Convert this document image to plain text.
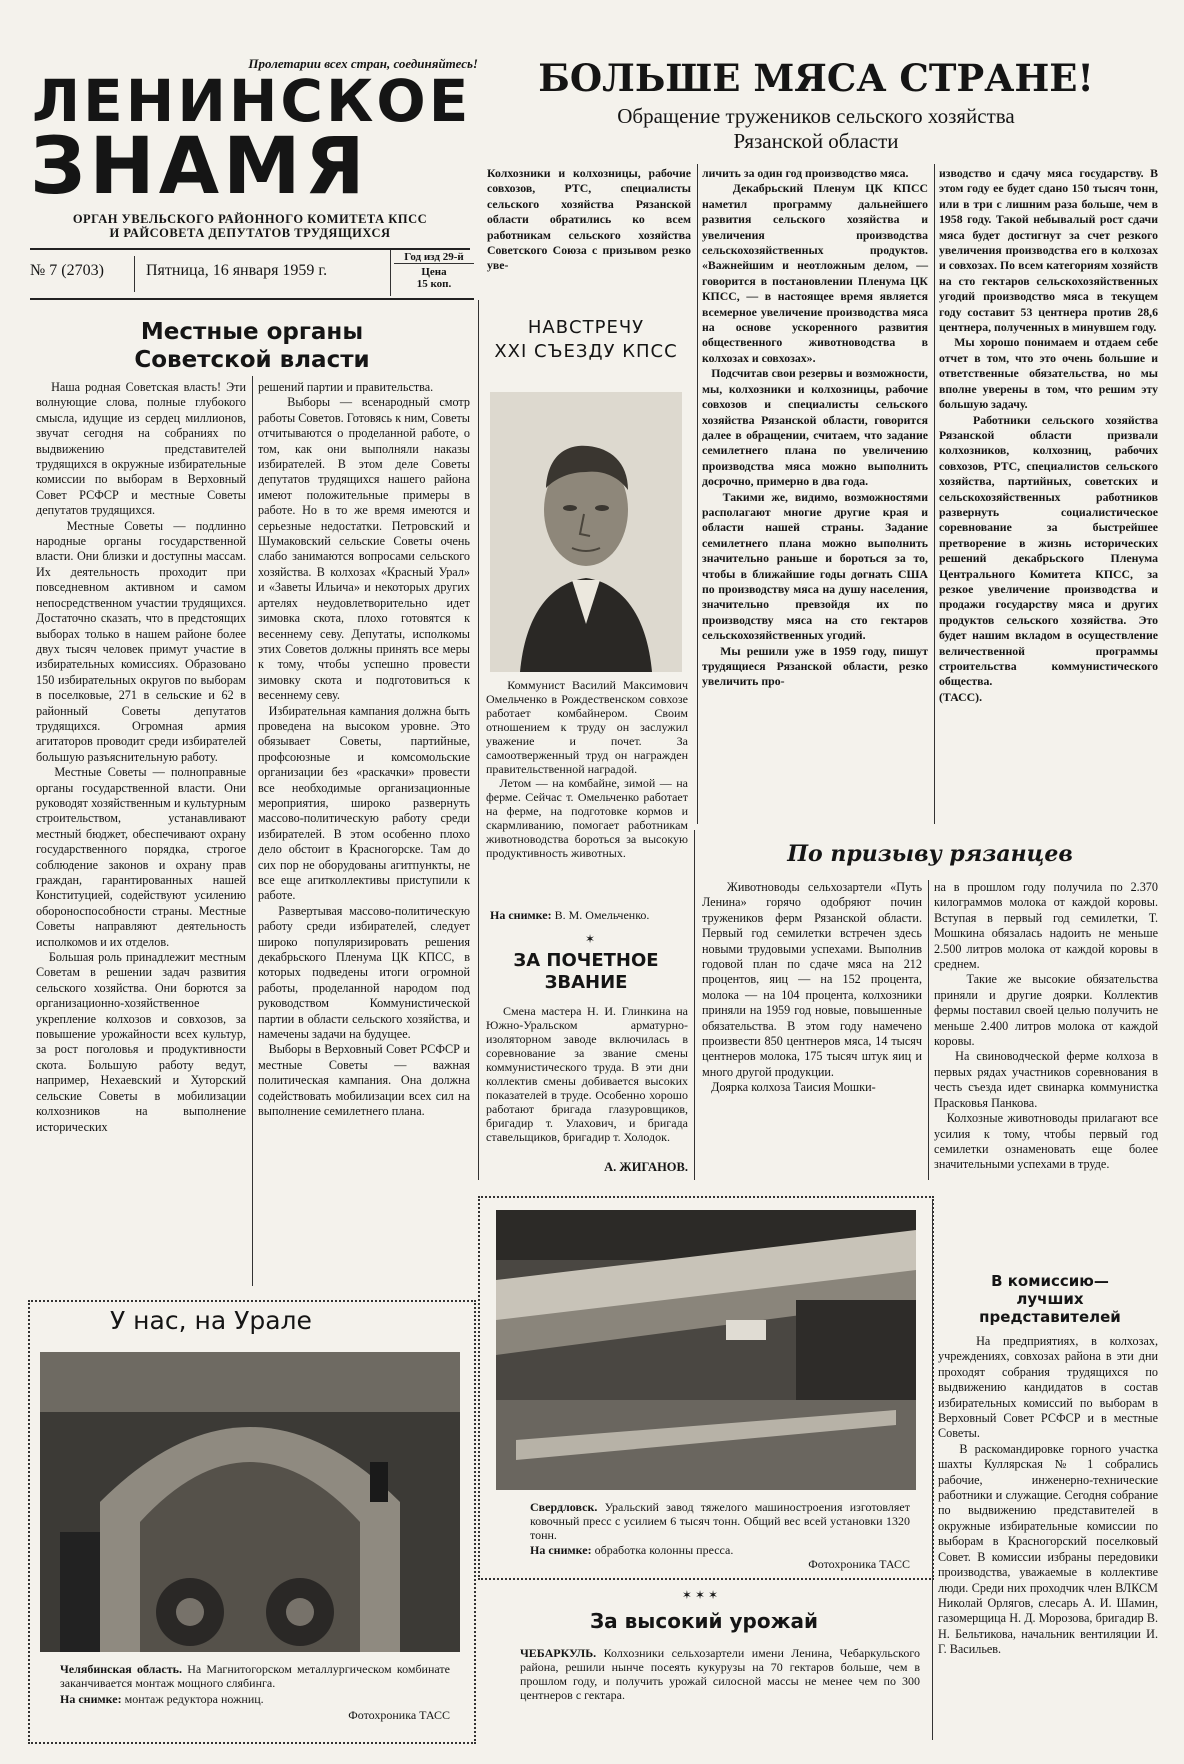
Пролетарии всех стран, соединяйтесь!
ЛЕНИНСКОЕ
ЗНАМЯ
ОРГАН УВЕЛЬСКОГО РАЙОННОГО КОМИТЕТА КПСС
И РАЙСОВЕТА ДЕПУТАТОВ ТРУДЯЩИХСЯ
№ 7 (2703)	Пятница, 16 января 1959 г.
Год изд 29-й
Цена
15 коп.
БОЛЬШЕ МЯСА СТРАНЕ!
Обращение тружеников сельского хозяйства
Рязанской области
Колхозники и колхозницы, рабочие совхозов, РТС, специалисты сельского хозяйства Рязанской области обратились ко всем работникам сельского хозяйства Советского Союза с призывом резко уве-
личить за один год производство мяса.
Декабрьский Пленум ЦК КПСС наметил программу дальнейшего развития сельского хозяйства и увеличения производства сельскохозяйственных продуктов. «Важнейшим и неотложным делом, — говорится в постановлении Пленума ЦК КПСС, — в настоящее время является всемерное увеличение производства мяса на основе ускоренного развития общественного животноводства в колхозах и совхозах».
Подсчитав свои резервы и возможности, мы, колхозники и колхозницы, рабочие совхозов и специалисты сельского хозяйства Рязанской области, говорится далее в обращении, считаем, что задание семилетнего плана по увеличению производства мяса можно выполнить досрочно, примерно в два года.
Такими же, видимо, возможностями располагают многие другие края и области нашей страны. Задание семилетнего плана можно выполнить значительно раньше и бороться за то, чтобы в ближайшие годы догнать США по производству мяса на душу населения, значительно превзойдя их по производству мяса на сто гектаров сельскохозяйственных угодий.
Мы решили уже в 1959 году, пишут трудящиеся Рязанской области, резко увеличить про-
изводство и сдачу мяса государству. В этом году ее будет сдано 150 тысяч тонн, или в три с лишним раза больше, чем в 1958 году. Такой небывалый рост сдачи мяса будет достигнут за счет резкого увеличения производства его в колхозах и совхозах. По всем категориям хозяйств на сто гектаров сельскохозяйственных угодий производство мяса в текущем году составит 53 центнера против 28,6 центнера, полученных в минувшем году.
Мы хорошо понимаем и отдаем себе отчет в том, что это очень большие и ответственные обязательства, но мы вполне уверены в том, что решим эту большую задачу.
Работники сельского хозяйства Рязанской области призвали колхозников, колхозниц, рабочих совхозов, РТС, специалистов сельского хозяйства, партийных, советских и сельскохозяйственных работников развернуть социалистическое соревнование за быстрейшее претворение в жизнь исторических решений декабрьского Пленума Центрального Комитета КПСС, за резкое увеличение производства и продажи государству мяса и других продуктов сельского хозяйства. Это будет нашим вкладом в осуществление величественной программы строительства коммунистического общества.
(ТАСС).
Местные органы
Советской власти
Наша родная Советская власть! Эти волнующие слова, полные глубокого смысла, идущие из сердец миллионов, звучат сегодня на собраниях по выдвижению представителей трудящихся в окружные избирательные комиссии по выборам в Верховный Совет РСФСР и местные Советы депутатов трудящихся.
Местные Советы — подлинно народные органы государственной власти. Они близки и доступны массам. Их деятельность проходит при повседневном активном и самом непосредственном участии трудящихся. Достаточно сказать, что в предстоящих выборах только в нашем районе более двух тысяч человек примут участие в избирательных комиссиях. Образовано 150 избирательных округов по выборам в поселковые, 271 в сельские и 62 в районный Советы депутатов трудящихся. Огромная армия агитаторов проводит среди избирателей большую разъяснительную работу.
Местные Советы — полноправные органы государственной власти. Они руководят хозяйственным и культурным строительством, устанавливают местный бюджет, обеспечивают охрану государственного порядка, строгое соблюдение законов и охрану прав граждан, гарантированных нашей Конституцией, содействуют усилению обороноспособности страны. Местные Советы направляют деятельность исполкомов и их отделов.
Большая роль принадлежит местным Советам в решении задач развития сельского хозяйства. Они борются за организационно-хозяйственное укрепление колхозов и совхозов, за повышение урожайности всех культур, за рост поголовья и продуктивности скота. Большую работу ведут, например, Нехаевский и Хуторский сельские Советы в мобилизации колхозников на выполнение исторических
решений партии и правительства.
Выборы — всенародный смотр работы Советов. Готовясь к ним, Советы отчитываются о проделанной работе, о том, как они выполняли наказы избирателей. В этом деле Советы депутатов трудящихся нашего района имеют положительные примеры в работе. Но в то же время имеются и серьезные недостатки. Петровский и Шумаковский сельские Советы очень слабо занимаются вопросами сельского хозяйства. В колхозах «Красный Урал» и «Заветы Ильича» и некоторых других артелях неудовлетворительно идет зимовка скота, плохо готовятся к весеннему севу. Депутаты, исполкомы этих Советов должны принять все меры к тому, чтобы успешно провести зимовку скота и подготовиться к весеннему севу.
Избирательная кампания должна быть проведена на высоком уровне. Это обязывает Советы, партийные, профсоюзные и комсомольские организации без «раскачки» провести все необходимые организационные мероприятия, широко развернуть массово-политическую работу среди избирателей. В этом особенно плохо дело обстоит в Красногорске. Там до сих пор не оборудованы агитпункты, не все еще агитколлективы приступили к работе.
Развертывая массово-политическую работу среди избирателей, следует широко популяризировать решения декабрьского Пленума ЦК КПСС, в которых подведены итоги огромной работы, проделанной народом под руководством Коммунистической партии в области сельского хозяйства, и намечены задачи на будущее.
Выборы в Верховный Совет РСФСР и местные Советы — важная политическая кампания. Она должна содействовать мобилизации всех сил на выполнение семилетнего плана.
НАВСТРЕЧУ
XXI СЪЕЗДУ КПСС
Коммунист Василий Максимович Омельченко в Рождественском совхозе работает комбайнером. Своим отношением к труду он заслужил уважение и почет. За самоотверженный труд он награжден правительственной наградой.
Летом — на комбайне, зимой — на ферме. Сейчас т. Омельченко работает на ферме, на подготовке кормов и скармливанию, помогает работникам животноводства бороться за высокую продуктивность животных.
На снимке: В. М. Омельченко.
✶
ЗА ПОЧЕТНОЕ
ЗВАНИЕ
Смена мастера Н. И. Глинкина на Южно-Уральском арматурно-изоляторном заводе включилась в соревнование за звание смены коммунистического труда. В эти дни коллектив смены добивается высоких показателей в труде. Особенно хорошо работают бригада глазуровщиков, бригадир т. Улахович, и бригада ставельщиков, бригадир т. Холодок.
А. ЖИГАНОВ.
По призыву рязанцев
Животноводы сельхозартели «Путь Ленина» горячо одобряют почин тружеников ферм Рязанской области. Первый год семилетки встречен здесь новыми трудовыми успехами. Выполнив годовой план по сдаче мяса на 212 процентов, яиц — на 152 процента, молока — на 104 процента, колхозники приняли на 1959 год новые, повышенные обязательства. В этом году намечено произвести 850 центнеров мяса, 14 тысяч центнеров молока, 175 тысяч штук яиц и много другой продукции.
Доярка колхоза Таисия Мошки-
на в прошлом году получила по 2.370 килограммов молока от каждой коровы. Вступая в первый год семилетки, Т. Мошкина обязалась надоить не меньше 2.500 литров молока от каждой коровы в среднем.
Такие же высокие обязательства приняли и другие доярки. Коллектив фермы поставил своей целью получить не меньше 2.400 литров молока от каждой коровы.
На свиноводческой ферме колхоза в первых рядах участников соревнования в честь съезда идет свинарка коммунистка Прасковья Панкова.
Колхозные животноводы прилагают все усилия к тому, чтобы первый год семилетки ознаменовать еще более значительными успехами в труде.
В комиссию—
лучших
представителей
На предприятиях, в колхозах, учреждениях, совхозах района в эти дни проходят собрания трудящихся по выдвижению кандидатов в состав избирательных комиссий по выборам в Верховный Совет РСФСР и в местные Советы.
В раскомандировке горного участка шахты Куллярская № 1 собрались рабочие, инженерно-технические работники и служащие. Сегодня собрание по выдвижению представителей в окружные избирательные комиссии по выборам в Красногорский поселковый Совет. В комиссии избраны передовики производства, уважаемые в коллективе люди. Среди них проходчик член ВЛКСМ Николай Орлягов, слесарь А. И. Шамин, газомерщица Н. Д. Морозова, бригадир В. Н. Бельтикова, начальник вентиляции И. Г. Васильев.
У нас, на Урале
Челябинская область. На Магнитогорском металлургическом комбинате заканчивается монтаж мощного слябинга.
На снимке: монтаж редуктора ножниц.
Фотохроника ТАСС
Свердловск. Уральский завод тяжелого машиностроения изготовляет ковочный пресс с усилием 6 тысяч тонн. Общий вес всей установки 1320 тонн.
На снимке: обработка колонны пресса.
Фотохроника ТАСС
✶ ✶ ✶
За высокий урожай
ЧЕБАРКУЛЬ. Колхозники сельхозартели имени Ленина, Чебаркульского района, решили нынче посеять кукурузы на 70 гектаров больше, чем в прошлом году, и получить урожай силосной массы не менее чем по 300 центнеров с гектара.
